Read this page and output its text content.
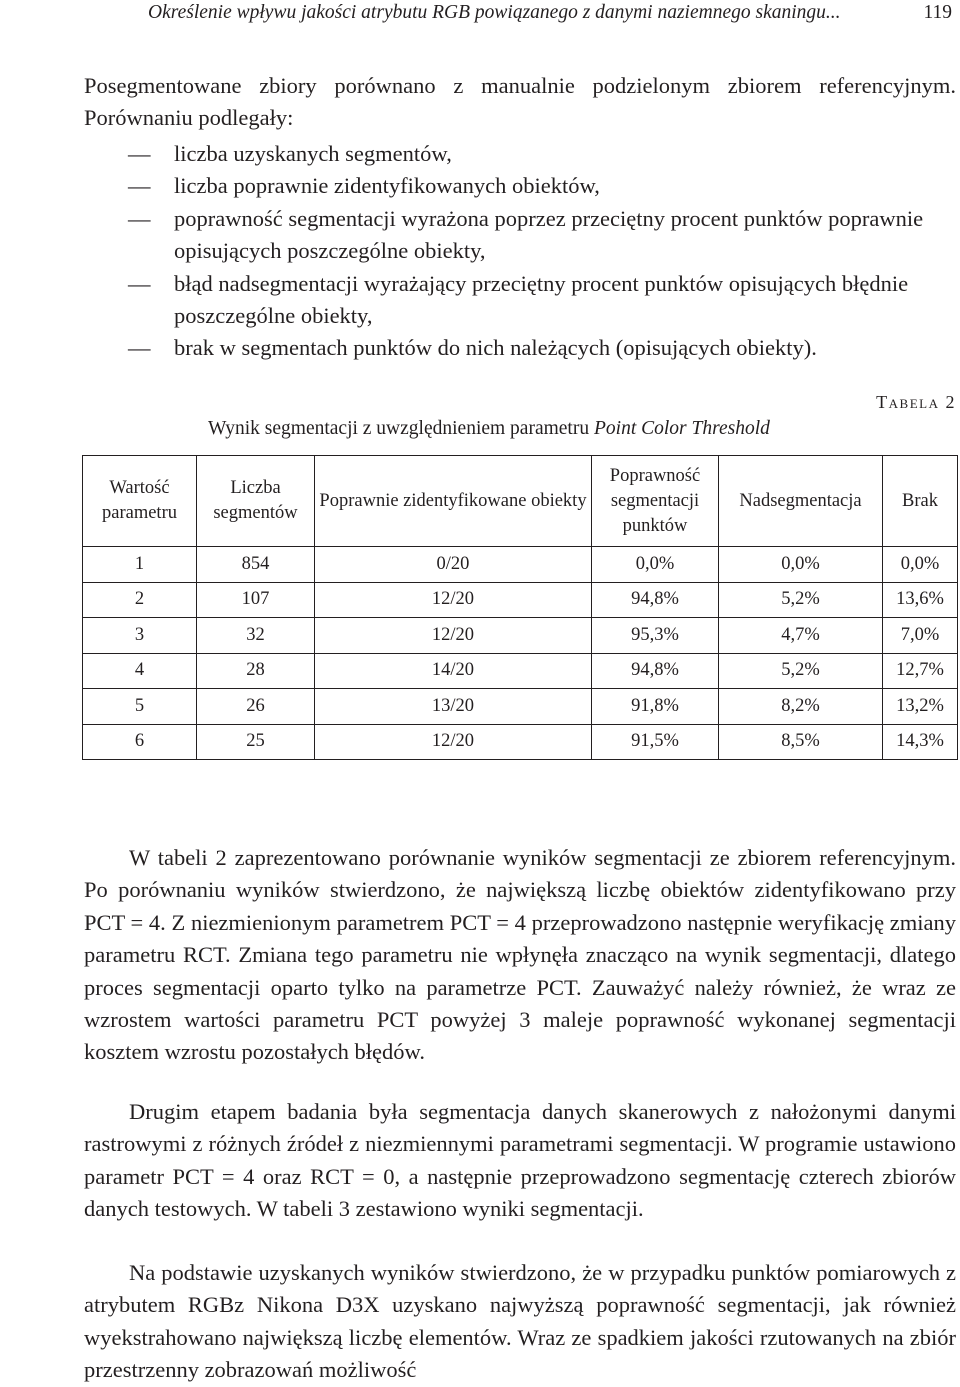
Określenie wpływu jakości atrybutu RGB powiązanego z danymi naziemnego skaningu...	119

Posegmentowane zbiory porównano z manualnie podzielonym zbiorem referencyjnym. Porównaniu podlegały:

— liczba uzyskanych segmentów,
— liczba poprawnie zidentyfikowanych obiektów,
— poprawność segmentacji wyrażona poprzez przeciętny procent punktów poprawnie opisujących poszczególne obiekty,
— błąd nadsegmentacji wyrażający przeciętny procent punktów opisujących błędnie poszczególne obiekty,
— brak w segmentach punktów do nich należących (opisujących obiekty).
Tabela 2
Wynik segmentacji z uwzględnieniem parametru Point Color Threshold
Wartość parametru	Liczba segmentów	Poprawnie zidentyfikowane obiekty	Poprawność segmentacji punktów	Nadsegmentacja	Brak
1	854	0/20	0,0%	0,0%	0,0%
2	107	12/20	94,8%	5,2%	13,6%
3	32	12/20	95,3%	4,7%	7,0%
4	28	14/20	94,8%	5,2%	12,7%
5	26	13/20	91,8%	8,2%	13,2%
6	25	12/20	91,5%	8,5%	14,3%

W tabeli 2 zaprezentowano porównanie wyników segmentacji ze zbiorem referencyjnym. Po porównaniu wyników stwierdzono, że największą liczbę obiektów zidentyfikowano przy PCT = 4. Z niezmienionym parametrem PCT = 4 przeprowadzono następnie weryfikację zmiany parametru RCT. Zmiana tego parametru nie wpłynęła znacząco na wynik segmentacji, dlatego proces segmentacji oparto tylko na parametrze PCT. Zauważyć należy również, że wraz ze wzrostem wartości parametru PCT powyżej 3 maleje poprawność wykonanej segmentacji kosztem wzrostu pozostałych błędów.

Drugim etapem badania była segmentacja danych skanerowych z nałożonymi danymi rastrowymi z różnych źródeł z niezmiennymi parametrami segmentacji. W programie ustawiono parametr PCT = 4 oraz RCT = 0, a następnie przeprowadzono segmentację czterech zbiorów danych testowych. W tabeli 3 zestawiono wyniki segmentacji.

Na podstawie uzyskanych wyników stwierdzono, że w przypadku punktów pomiarowych z atrybutem RGBz Nikona D3X uzyskano najwyższą poprawność segmentacji, jak również wyekstrahowano największą liczbę elementów. Wraz ze spadkiem jakości rzutowanych na zbiór przestrzenny zobrazowań możliwość
